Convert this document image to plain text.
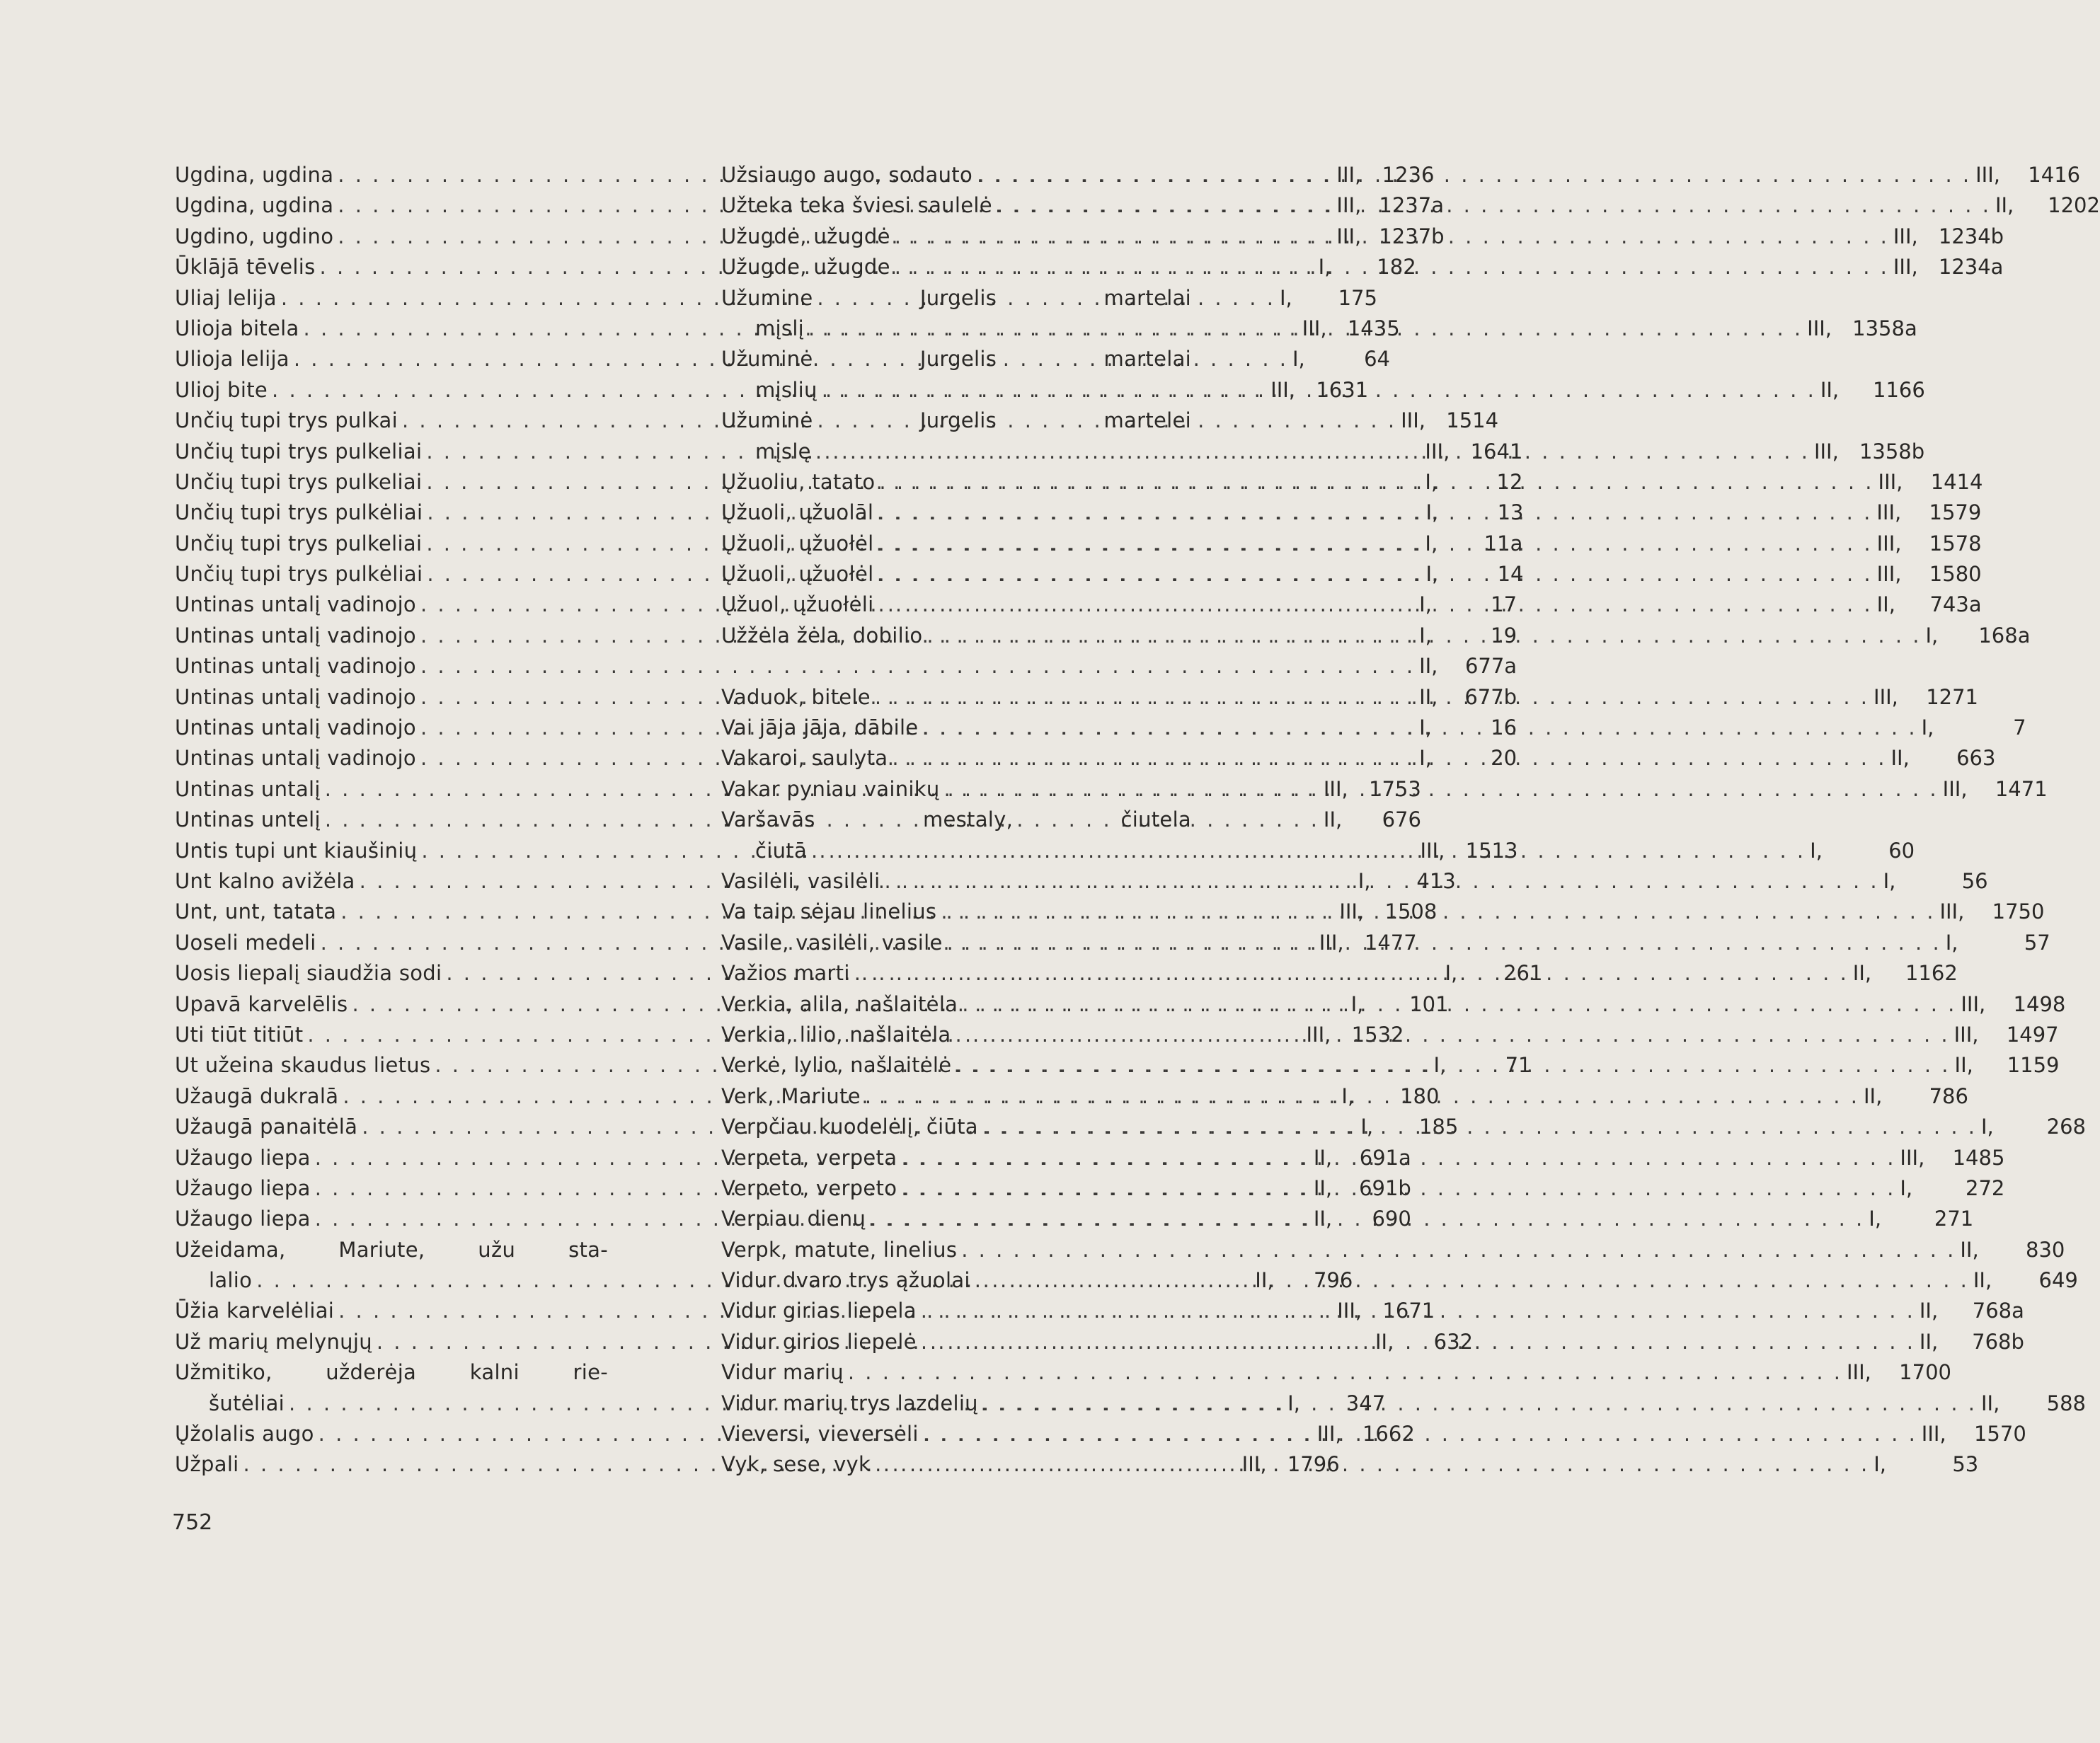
Ugdina, ugdina . . .	III,	1236
Ugdina, ugdina . . .	III, 1237a
Ugdino, ugdino . . .	III, 1237b
Ūklājā tēvelis . . .	I,	182
Uliaj lelija . . .	I,	175
Ulioja bitela . . .	III,	1435
Ulioja lelija . . .	I,	64
Ulioj bite . . .	III,	1631
Unčių tupi trys pulkai . . .	III,	1514
Unčių tupi trys pulkeliai . . .	III,	1641
Unčių tupi trys pulkeliai . . .	I,	12
Unčių tupi trys pulkėliai . . .	I,	13
Unčių tupi trys pulkeliai . . .	I,	11a
Unčių tupi trys pulkėliai . . .	I,	14
Untinas untalį vadinojo . . .	I,	17
Untinas untalį vadinojo . . .	I,	19
Untinas untalį vadinojo . . .	II,	677a
Untinas untalį vadinojo . . .	II,	677b
Untinas untalį vadinojo . . .	I,	16
Untinas untalį vadinojo . . .	I,	20
Untinas untalį . . .	III,	1753
Untinas untelį . . .	II,	676
Untis tupi unt kiaušinių . . .	III,	1513
Unt kalno avižėla . . .	I,	413
Unt, unt, tatata . . .	III,	1508
Uoseli medeli . . .	III,	1477
Uosis liepalį siaudžia sodi . . .	I,	261
Upavā karvelēlis . . .	I,	101
Uti tiūt titiūt . . .	III,	1532
Ut užeina skaudus lietus . . .	I,	71
Užaugā dukralā . . .	I,	180
Užaugā panaitėlā . . .	I,	185
Užaugo liepa . . .	II,	691a
Užaugo liepa . . .	II,	691b
Užaugo liepa . . .	II,	690
Užeidama, Mariute, užu sta-
lalio . . .	II,	796
Ūžia karvelėliai . . .	III,	1671
Už marių melynųjų . . .	II,	632
Užmitiko, užderėja kalni rie-
šutėliai . . .	I,	347
Ųžolalis augo . . .	III,	1662
Užpali . . .	III,	1796
Užsiaugo augo, sodauto . . .	III,	1416
Užteka teka šviesi saulelė . . .	II,	1202
Užugdė, užugdė . . .	III,	1234b
Užugde, užugde . . .	III,	1234a
Užumine Jurgelis martelai
mįslį . . .	III,	1358a
Užuminė Jurgelis martelai
mįslių . . .	II,	1166
Užuminė Jurgelis martelei
mįslę . . .	III,	1358b
Ųžuoliu, tatato . . .	III,	1414
Ųžuoli, ųžuolāl . . .	III,	1579
Ųžuoli, ųžuołėl . . .	III,	1578
Ųžuoli, ųžuołėl . . .	III,	1580
Ųžuol, ųžuołėli . . .	II,	743a
Užžėla žėla, dobilio . . .	I,	168a
Vaduok, bitele . . .	III,	1271
Vai jāja jāja, dābile . . .	I,	7
Vakaroi, saulyta . . .	II,	663
Vakar pyniau vainikų . . .	III,	1471
Varšavās mestaly, čiutela
čiutā . . .	I,	60
Vasilėli, vasilėli . . .	I,	56
Va taip sėjau linelius . . .	III,	1750
Vasile, vasilėli, vasile . . .	I,	57
Važios marti . . .	II,	1162
Verkia, alila, našlaitėla . . .	III,	1498
Verkia, lilio, našlaitėla . . .	III,	1497
Verkė, lylio, našlaitėlė . . .	II,	1159
Verk, Mariute . . .	II,	786
Verpčiau kuodelėlį, čiūta . . .	I,	268
Verpeta, verpeta . . .	III,	1485
Verpeto, verpeto . . .	I,	272
Verpiau dienų . . .	I,	271
Verpk, matute, linelius . . .	II,	830
Vidur dvaro trys ąžuolai . . .	II,	649
Vidur girias liepela . . .	II,	768a
Vidur girios liepelė . . .	II,	768b
Vidur marių . . .	III,	1700
Vidur marių trys lazdelių . . .	II,	588
Vieversi, vieversėli . . .	III,	1570
Vyk, sese, vyk . . .	I,	53
752
